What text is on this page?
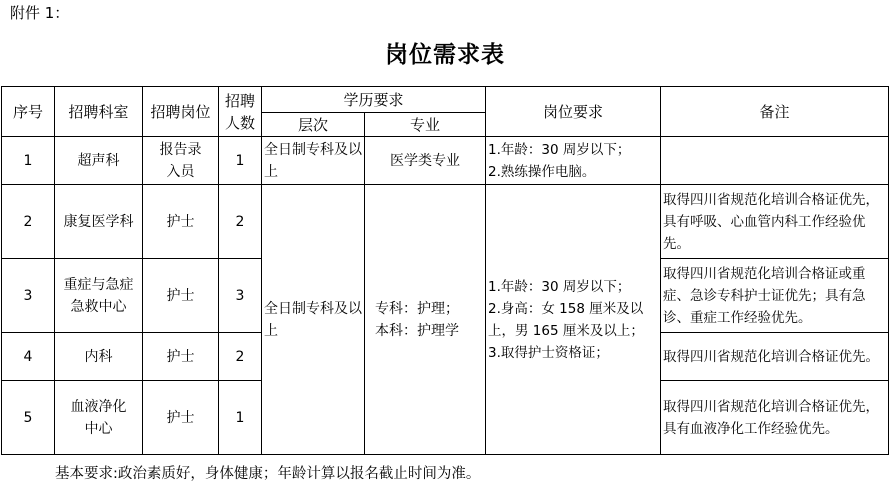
附件 1：
岗位需求表
序号	招聘科室	招聘岗位	招聘人数	学历要求		岗位要求	备注
				层次	专业		
1	超声科	报告录入员	1	全日制专科及以上	医学类专业	1.年龄：30 周岁以下；
2.熟练操作电脑。	
2	康复医学科	护士	2	全日制专科及以上	专科：护理；
本科：护理学	1.年龄：30 周岁以下；
2.身高：女 158 厘米及以上，男 165 厘米及以上；
3.取得护士资格证；	取得四川省规范化培训合格证优先，具有呼吸、心血管内科工作经验优先。
3	重症与急症急救中心	护士	3				取得四川省规范化培训合格证或重症、急诊专科护士证优先；具有急诊、重症工作经验优先。
4	内科	护士	2				取得四川省规范化培训合格证优先。
5	血液净化中心	护士	1				取得四川省规范化培训合格证优先，具有血液净化工作经验优先。
基本要求:政治素质好，身体健康；年龄计算以报名截止时间为准。
